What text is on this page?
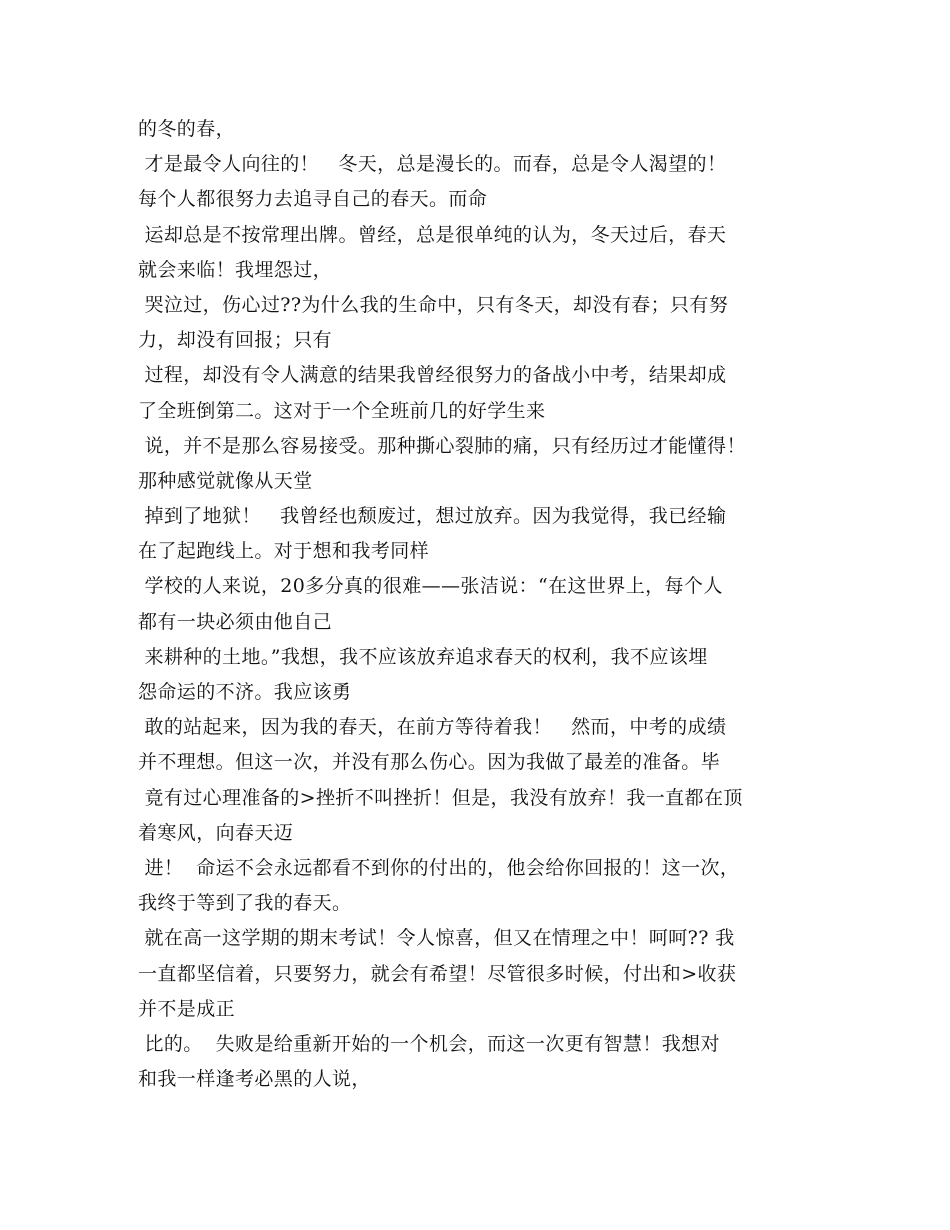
的冬的春，
才是最令人向往的！   冬天，总是漫长的。而春，总是令人渴望的！
每个人都很努力去追寻自己的春天。而命
运却总是不按常理出牌。曾经，总是很单纯的认为，冬天过后，春天
就会来临！我埋怨过，
哭泣过，伤心过??为什么我的生命中，只有冬天，却没有春；只有努
力，却没有回报；只有
过程，却没有令人满意的结果我曾经很努力的备战小中考，结果却成
了全班倒第二。这对于一个全班前几的好学生来
说，并不是那么容易接受。那种撕心裂肺的痛，只有经历过才能懂得！
那种感觉就像从天堂
掉到了地狱！   我曾经也颓废过，想过放弃。因为我觉得，我已经输
在了起跑线上。对于想和我考同样
学校的人来说，20多分真的很难——张洁说：“在这世界上，每个人
都有一块必须由他自己
来耕种的土地。”我想，我不应该放弃追求春天的权利，我不应该埋
怨命运的不济。我应该勇
敢的站起来，因为我的春天，在前方等待着我！   然而，中考的成绩
并不理想。但这一次，并没有那么伤心。因为我做了最差的准备。毕
竟有过心理准备的>挫折不叫挫折！但是，我没有放弃！我一直都在顶
着寒风，向春天迈
进！  命运不会永远都看不到你的付出的，他会给你回报的！这一次，
我终于等到了我的春天。
就在高一这学期的期末考试！令人惊喜，但又在情理之中！呵呵?? 我
一直都坚信着，只要努力，就会有希望！尽管很多时候，付出和>收获
并不是成正
比的。  失败是给重新开始的一个机会，而这一次更有智慧！我想对
和我一样逢考必黑的人说，
